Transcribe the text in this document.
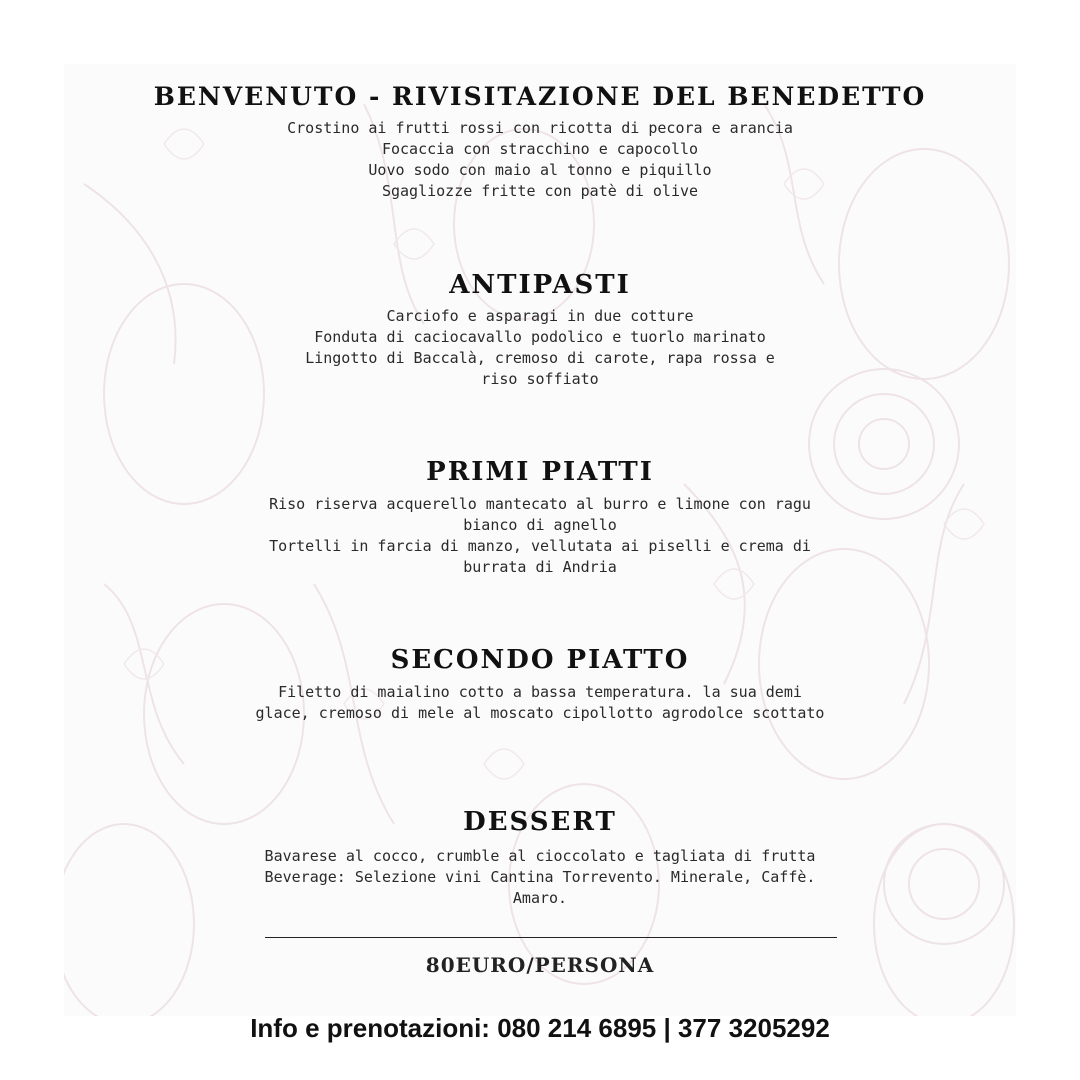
BENVENUTO - RIVISITAZIONE DEL BENEDETTO
Crostino ai frutti rossi con ricotta di pecora e arancia
Focaccia con stracchino e capocollo
Uovo sodo con maio al tonno e piquillo
Sgagliozze fritte con patè di olive
ANTIPASTI
Carciofo e asparagi in due cotture
Fonduta di caciocavallo podolico e tuorlo marinato
Lingotto di Baccalà, cremoso di carote, rapa rossa e
riso soffiato
PRIMI PIATTI
Riso riserva acquerello mantecato al burro e limone con ragu
bianco di agnello
Tortelli in farcia di manzo, vellutata ai piselli e crema di
burrata di Andria
SECONDO PIATTO
Filetto di maialino cotto a bassa temperatura. la sua demi
glace, cremoso di mele al moscato cipollotto agrodolce scottato
DESSERT
Bavarese al cocco, crumble al cioccolato e tagliata di frutta
Beverage: Selezione vini Cantina Torrevento. Minerale, Caffè.
Amaro.
80EURO/PERSONA
Info e prenotazioni: 080 214 6895 | 377 3205292
